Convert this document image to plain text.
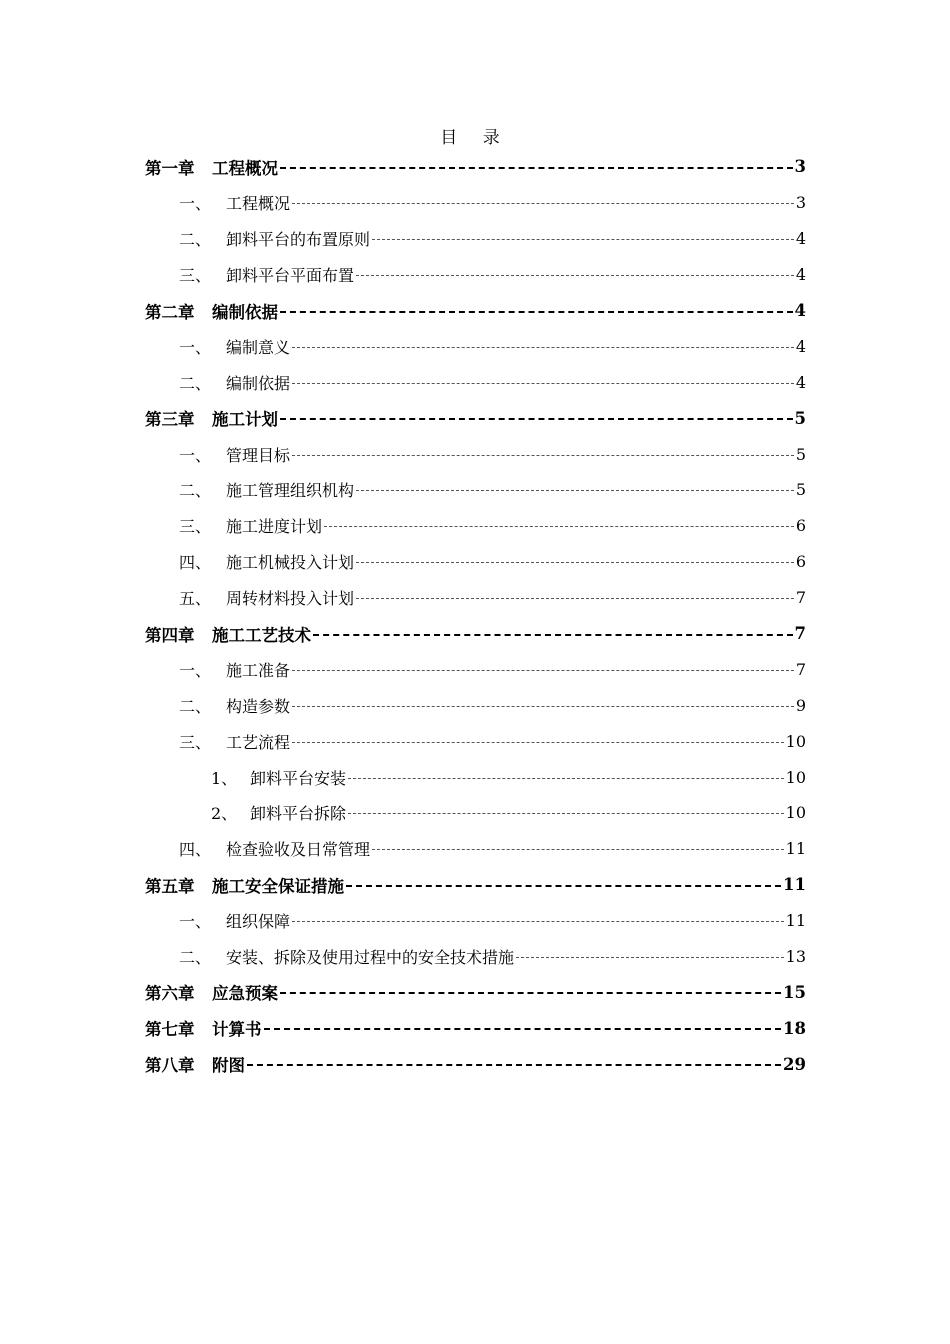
目 录
第一章	工程概况	3
一、 工程概况	3
二、 卸料平台的布置原则	4
三、 卸料平台平面布置	4
第二章	编制依据	4
一、 编制意义	4
二、 编制依据	4
第三章	施工计划	5
一、 管理目标	5
二、 施工管理组织机构	5
三、 施工进度计划	6
四、 施工机械投入计划	6
五、 周转材料投入计划	7
第四章	施工工艺技术	7
一、 施工准备	7
二、 构造参数	9
三、 工艺流程	10
1、 卸料平台安装	10
2、 卸料平台拆除	10
四、 检查验收及日常管理	11
第五章	施工安全保证措施	11
一、 组织保障	11
二、 安装、拆除及使用过程中的安全技术措施	13
第六章	应急预案	15
第七章	计算书	18
第八章	附图	29
